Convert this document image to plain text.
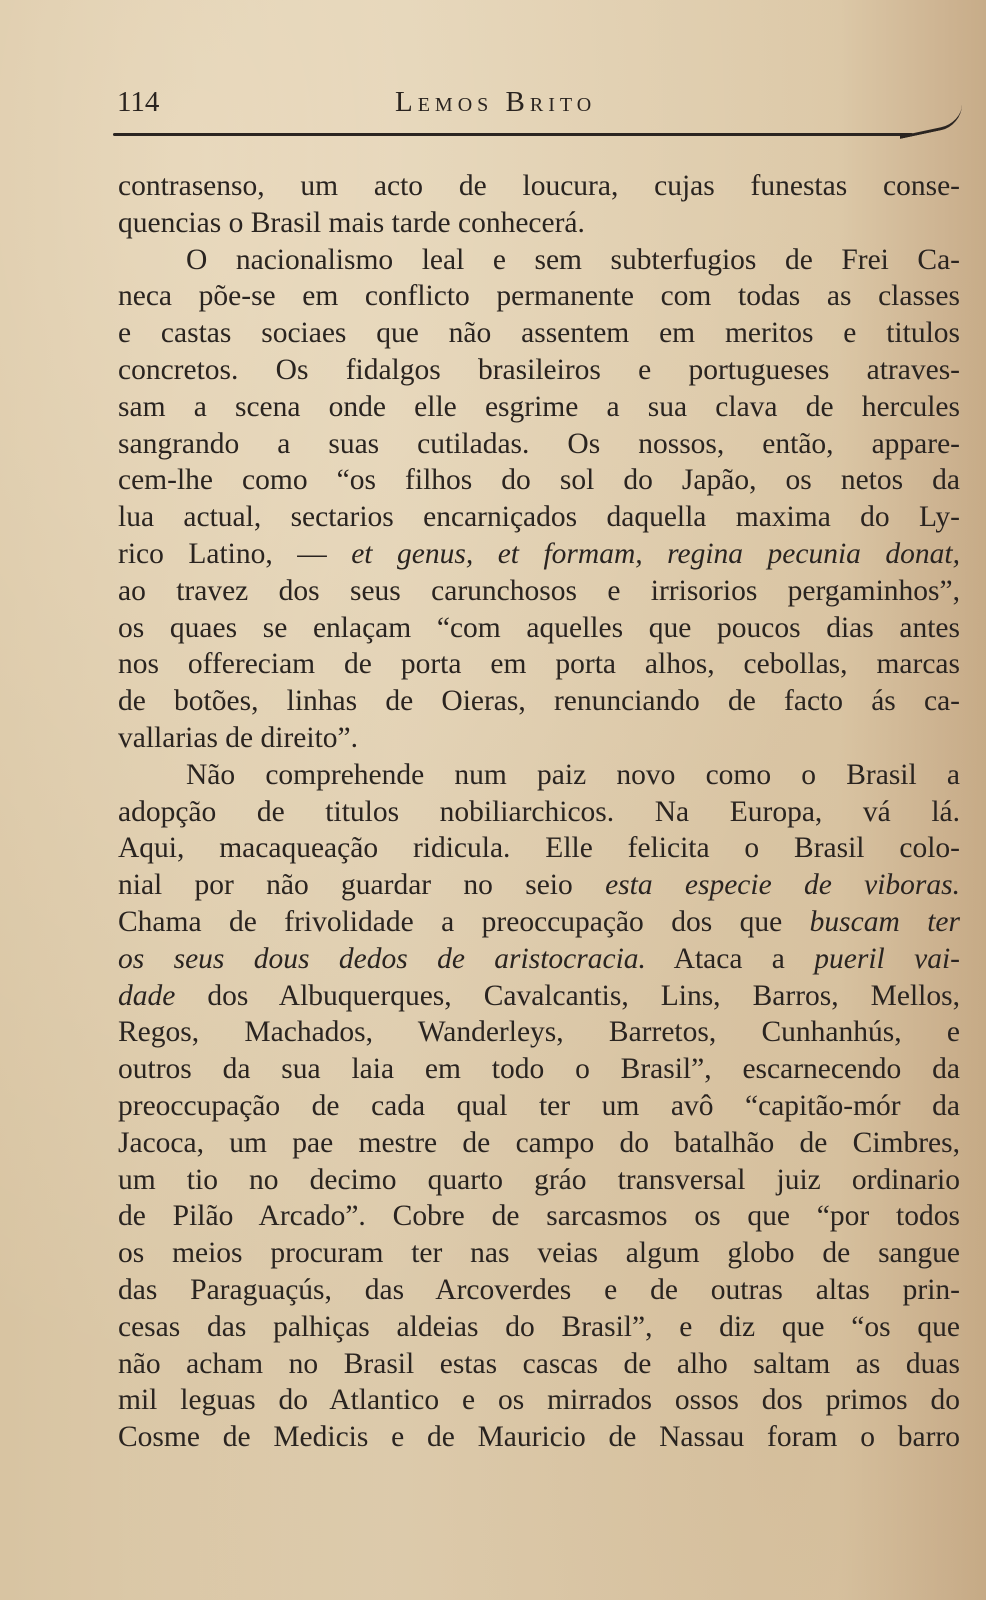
114	Lemos Brito
contrasenso, um acto de loucura, cujas funestas conse-
quencias o Brasil mais tarde conhecerá.
O nacionalismo leal e sem subterfugios de Frei Ca-
neca põe-se em conflicto permanente com todas as classes
e castas sociaes que não assentem em meritos e titulos
concretos. Os fidalgos brasileiros e portugueses atraves-
sam a scena onde elle esgrime a sua clava de hercules
sangrando a suas cutiladas. Os nossos, então, appare-
cem-lhe como “os filhos do sol do Japão, os netos da
lua actual, sectarios encarniçados daquella maxima do Ly-
rico Latino, — et genus, et formam, regina pecunia donat,
ao travez dos seus carunchosos e irrisorios pergaminhos”,
os quaes se enlaçam “com aquelles que poucos dias antes
nos offereciam de porta em porta alhos, cebollas, marcas
de botões, linhas de Oieras, renunciando de facto ás ca-
vallarias de direito”.
Não comprehende num paiz novo como o Brasil a
adopção de titulos nobiliarchicos. Na Europa, vá lá.
Aqui, macaqueação ridicula. Elle felicita o Brasil colo-
nial por não guardar no seio esta especie de viboras.
Chama de frivolidade a preoccupação dos que buscam ter
os seus dous dedos de aristocracia. Ataca a pueril vai-
dade dos Albuquerques, Cavalcantis, Lins, Barros, Mellos,
Regos, Machados, Wanderleys, Barretos, Cunhanhús, e
outros da sua laia em todo o Brasil”, escarnecendo da
preoccupação de cada qual ter um avô “capitão-mór da
Jacoca, um pae mestre de campo do batalhão de Cimbres,
um tio no decimo quarto gráo transversal juiz ordinario
de Pilão Arcado”. Cobre de sarcasmos os que “por todos
os meios procuram ter nas veias algum globo de sangue
das Paraguaçús, das Arcoverdes e de outras altas prin-
cesas das palhiças aldeias do Brasil”, e diz que “os que
não acham no Brasil estas cascas de alho saltam as duas
mil leguas do Atlantico e os mirrados ossos dos primos do
Cosme de Medicis e de Mauricio de Nassau foram o barro
